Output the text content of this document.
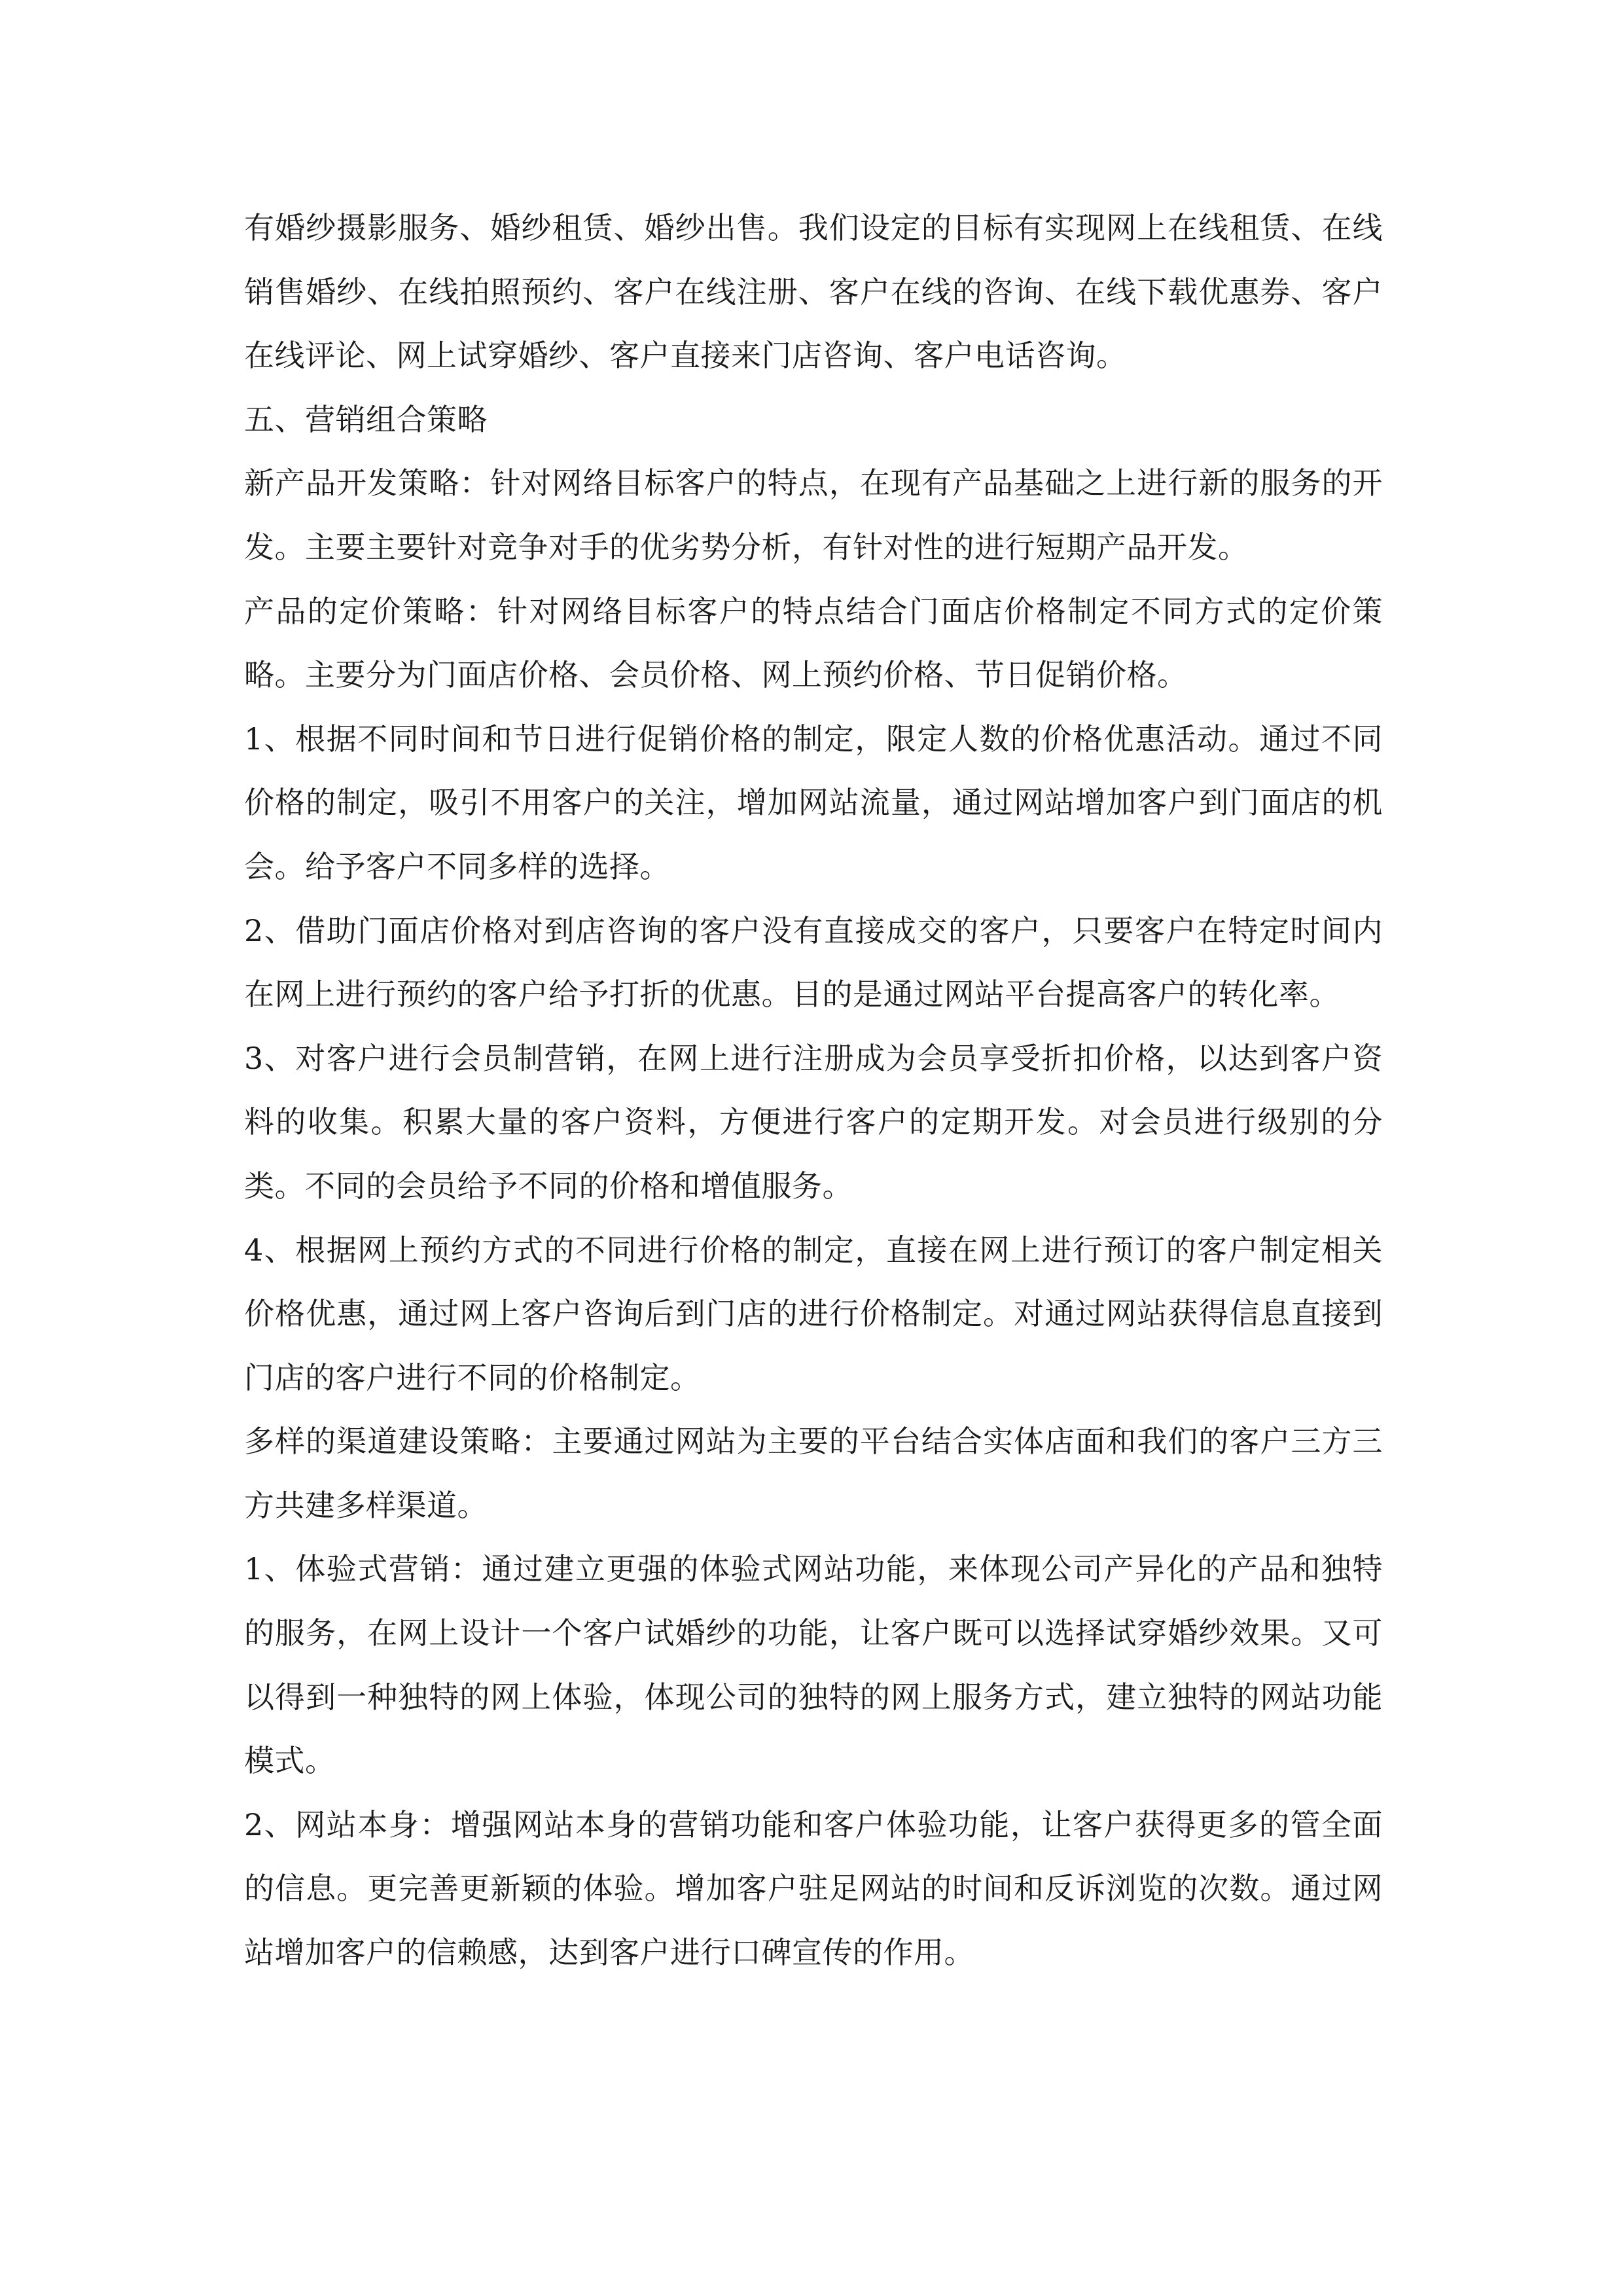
有婚纱摄影服务、婚纱租赁、婚纱出售。我们设定的目标有实现网上在线租赁、在线销售婚纱、在线拍照预约、客户在线注册、客户在线的咨询、在线下载优惠券、客户在线评论、网上试穿婚纱、客户直接来门店咨询、客户电话咨询。

五、营销组合策略

新产品开发策略：针对网络目标客户的特点，在现有产品基础之上进行新的服务的开发。主要主要针对竞争对手的优劣势分析，有针对性的进行短期产品开发。

产品的定价策略：针对网络目标客户的特点结合门面店价格制定不同方式的定价策略。主要分为门面店价格、会员价格、网上预约价格、节日促销价格。

1、根据不同时间和节日进行促销价格的制定，限定人数的价格优惠活动。通过不同价格的制定，吸引不用客户的关注，增加网站流量，通过网站增加客户到门面店的机会。给予客户不同多样的选择。

2、借助门面店价格对到店咨询的客户没有直接成交的客户，只要客户在特定时间内在网上进行预约的客户给予打折的优惠。目的是通过网站平台提高客户的转化率。

3、对客户进行会员制营销，在网上进行注册成为会员享受折扣价格，以达到客户资料的收集。积累大量的客户资料，方便进行客户的定期开发。对会员进行级别的分类。不同的会员给予不同的价格和增值服务。

4、根据网上预约方式的不同进行价格的制定，直接在网上进行预订的客户制定相关价格优惠，通过网上客户咨询后到门店的进行价格制定。对通过网站获得信息直接到门店的客户进行不同的价格制定。

多样的渠道建设策略：主要通过网站为主要的平台结合实体店面和我们的客户三方三方共建多样渠道。

1、体验式营销：通过建立更强的体验式网站功能，来体现公司产异化的产品和独特的服务，在网上设计一个客户试婚纱的功能，让客户既可以选择试穿婚纱效果。又可以得到一种独特的网上体验，体现公司的独特的网上服务方式，建立独特的网站功能模式。

2、网站本身：增强网站本身的营销功能和客户体验功能，让客户获得更多的管全面的信息。更完善更新颖的体验。增加客户驻足网站的时间和反诉浏览的次数。通过网站增加客户的信赖感，达到客户进行口碑宣传的作用。
